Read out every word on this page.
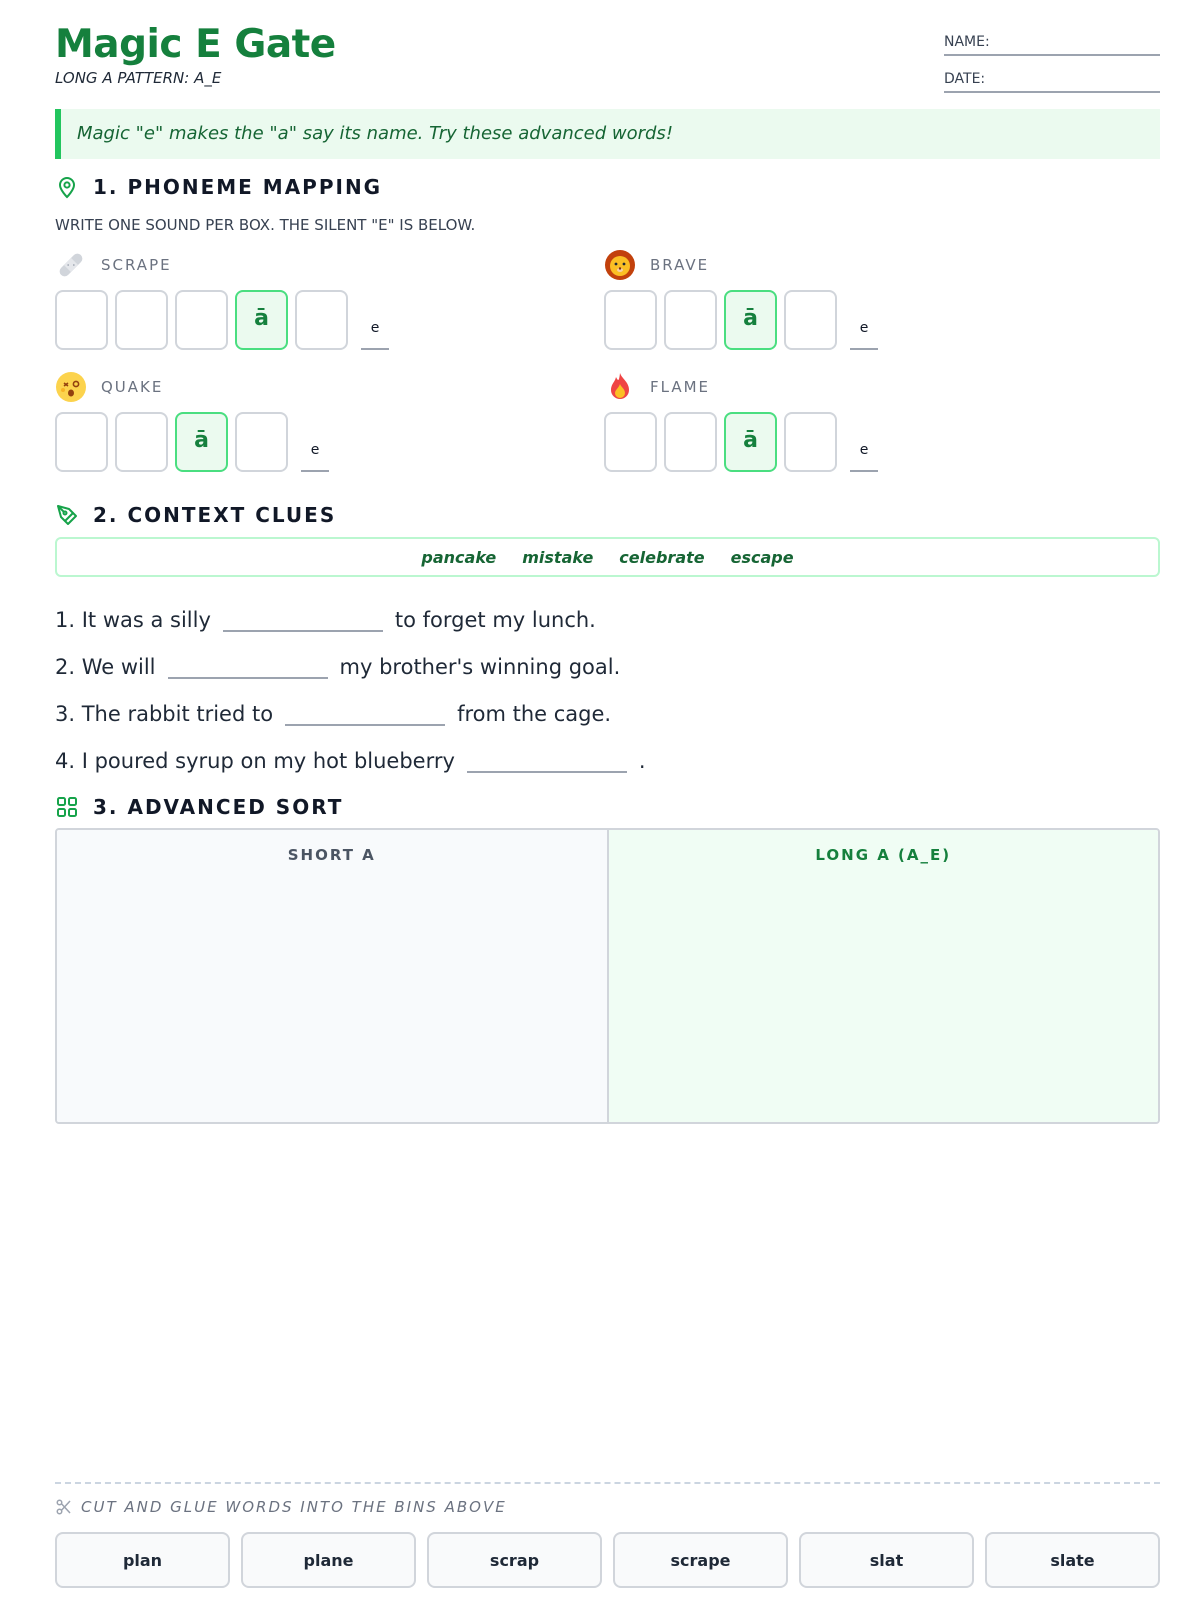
Magic E Gate
LONG A PATTERN: A_E
NAME:
DATE:
Magic "e" makes the "a" say its name. Try these advanced words!
1. PHONEME MAPPING
WRITE ONE SOUND PER BOX. THE SILENT "E" IS BELOW.
SCRAPE
ā	e
BRAVE
ā	e
QUAKE
ā	e
FLAME
ā	e
2. CONTEXT CLUES
pancake mistake celebrate escape
1. It was a silly	to forget my lunch.
2. We will	my brother's winning goal.
3. The rabbit tried to	from the cage.
4. I poured syrup on my hot blueberry	.
3. ADVANCED SORT
SHORT A	LONG A (A_E)
CUT AND GLUE WORDS INTO THE BINS ABOVE
plan	plane	scrap	scrape	slat	slate
